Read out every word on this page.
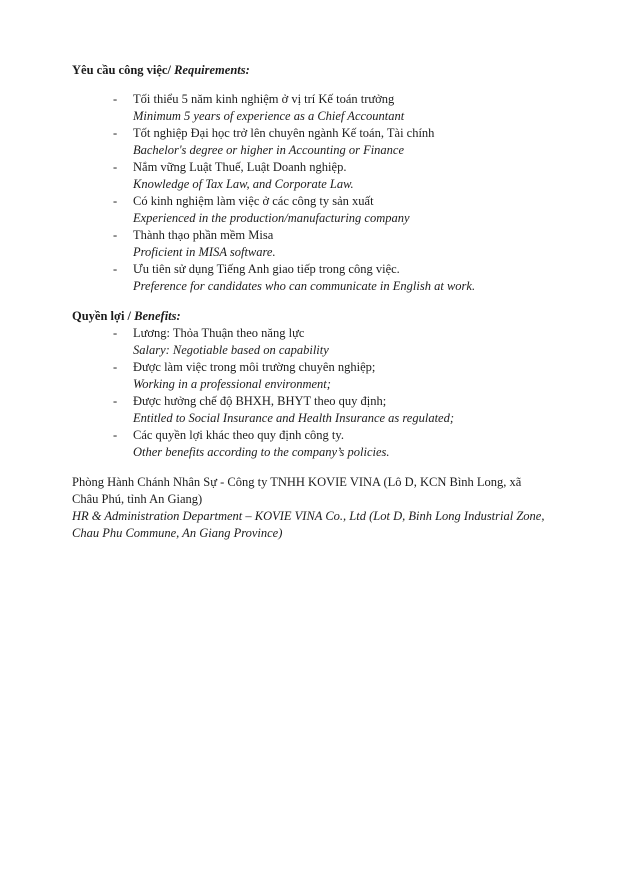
Yêu cầu công việc/ Requirements:
- Tối thiểu 5 năm kinh nghiệm ở vị trí Kế toán trưởng

Minimum 5 years of experience as a Chief Accountant

- Tốt nghiệp Đại học trở lên chuyên ngành Kế toán, Tài chính

Bachelor's degree or higher in Accounting or Finance

- Nắm vững Luật Thuế, Luật Doanh nghiệp.

Knowledge of Tax Law, and Corporate Law.

- Có kinh nghiệm làm việc ở các công ty sản xuất

Experienced in the production/manufacturing company

- Thành thạo phần mềm Misa

Proficient in MISA software.

- Ưu tiên sử dụng Tiếng Anh giao tiếp trong công việc.

Preference for candidates who can communicate in English at work.

Quyền lợi / Benefits:
- Lương: Thỏa Thuận theo năng lực

Salary: Negotiable based on capability

- Được làm việc trong môi trường chuyên nghiệp;

Working in a professional environment;

- Được hưởng chế độ BHXH, BHYT theo quy định;

Entitled to Social Insurance and Health Insurance as regulated;

- Các quyền lợi khác theo quy định công ty.

Other benefits according to the company’s policies.

Phòng Hành Chánh Nhân Sự - Công ty TNHH KOVIE VINA (Lô D, KCN Bình Long, xã Châu Phú, tỉnh An Giang)

HR & Administration Department – KOVIE VINA Co., Ltd (Lot D, Binh Long Industrial Zone, Chau Phu Commune, An Giang Province)
